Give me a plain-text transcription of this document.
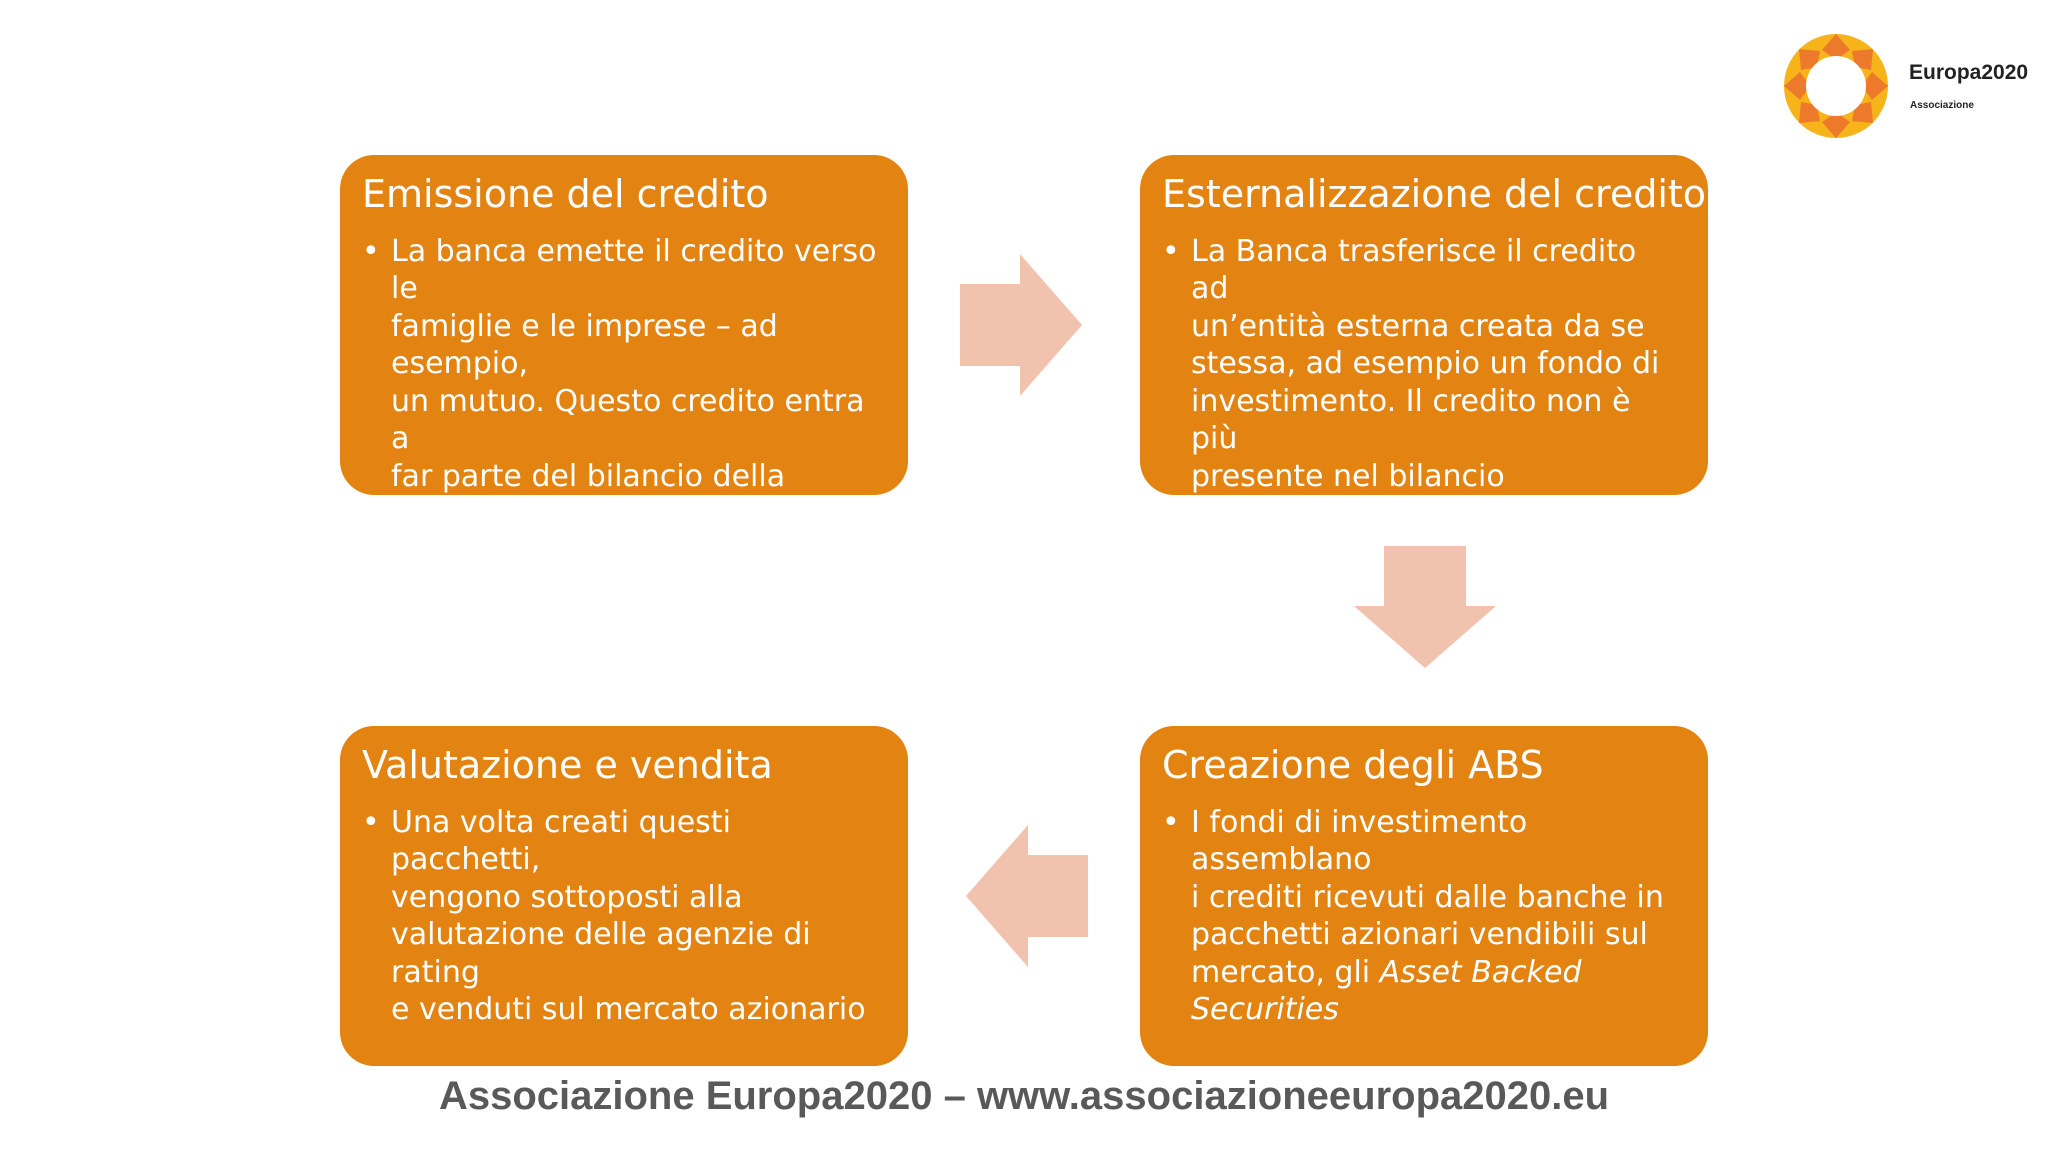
Europa2020
Associazione
Emissione del credito
• La banca emette il credito verso le
famiglie e le imprese – ad esempio,
un mutuo. Questo credito entra a
far parte del bilancio della banca
Esternalizzazione del credito
• La Banca trasferisce il credito ad
un’entità esterna creata da se
stessa, ad esempio un fondo di
investimento. Il credito non è più
presente nel bilancio dell’istituto.
Creazione degli ABS
• I fondi di investimento assemblano
i crediti ricevuti dalle banche in
pacchetti azionari vendibili sul
mercato, gli Asset Backed Securities
Valutazione e vendita
• Una volta creati questi pacchetti,
vengono sottoposti alla
valutazione delle agenzie di rating
e venduti sul mercato azionario
Associazione Europa2020 – www.associazioneeuropa2020.eu
